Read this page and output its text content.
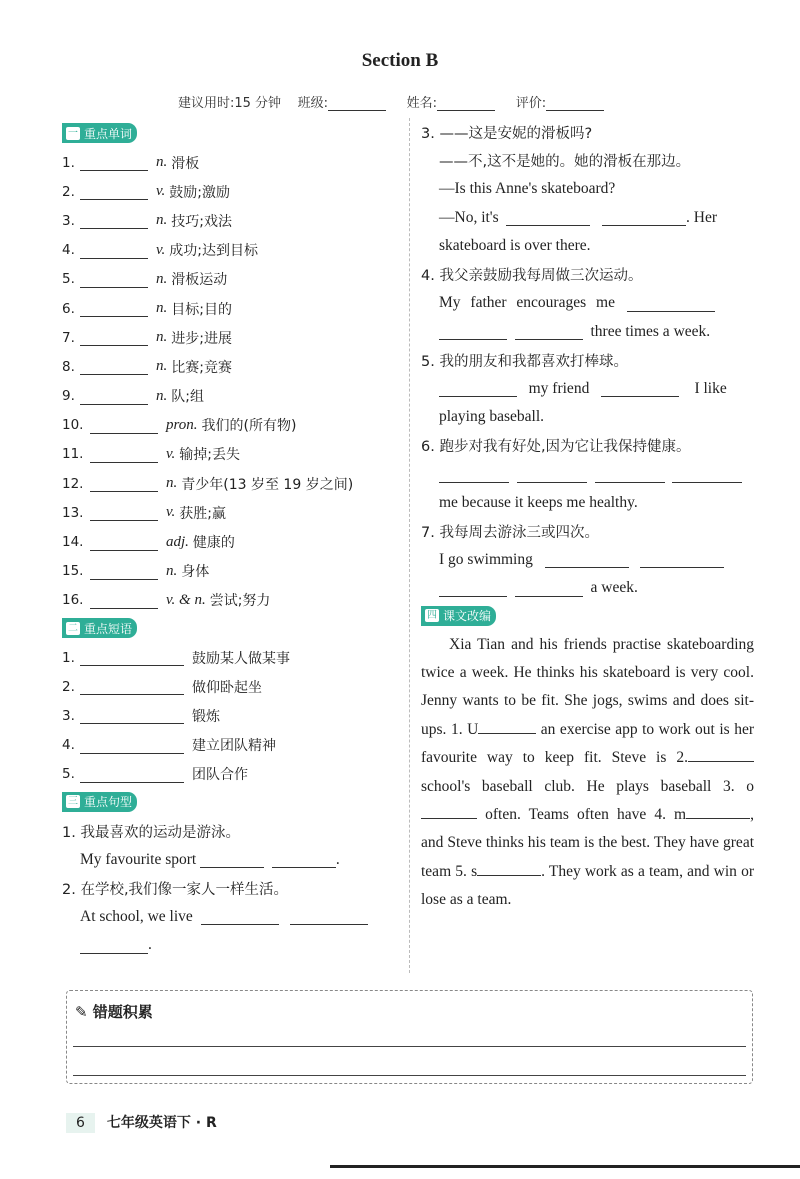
Section B
建议用时:15 分钟 班级:	姓名:	评价:
一 重点单词
1.	n. 滑板
2.	v. 鼓励;激励
3.	n. 技巧;戏法
4.	v. 成功;达到目标
5.	n. 滑板运动
6.	n. 目标;目的
7.	n. 进步;进展
8.	n. 比赛;竞赛
9.	n. 队;组
10.	pron. 我们的(所有物)
11.	v. 输掉;丢失
12.	n. 青少年(13 岁至 19 岁之间)
13.	v. 获胜;赢
14.	adj. 健康的
15.	n. 身体
16.	v. & n. 尝试;努力
二 重点短语
1.	鼓励某人做某事
2.	做仰卧起坐
3.	锻炼
4.	建立团队精神
5.	团队合作
三 重点句型
1. 我最喜欢的运动是游泳。
My favourite sport

	.
2. 在学校,我们像一家人一样生活。
At school, we live

.
3. ——这是安妮的滑板吗?
——不,这不是她的。她的滑板在那边。
—Is this Anne's skateboard?
—No, it's

	. Her
skateboard is over there.
4. 我父亲鼓励我每周做三次运动。
My father encourages me

three times a week.
5. 我的朋友和我都喜欢打棒球。

my friend

	I like
playing baseball.
6. 跑步对我有好处,因为它让我保持健康。

me because it keeps me healthy.
7. 我每周去游泳三或四次。
I go swimming

a week.
四 课文改编
Xia Tian and his friends practise skateboarding twice a week. He thinks his skateboard is very cool. Jenny wants to be fit. She jogs, swims and does sit-ups. 1. U	an exercise app to work out is her favourite way to keep fit. Steve is 2. school's baseball club. He plays baseball 3. o often. Teams often have 4. m	, and Steve thinks his team is the best. They have great team 5. s	. They work as a team, and win or lose as a team.
✎ 错题积累
6 七年级英语下 · R
